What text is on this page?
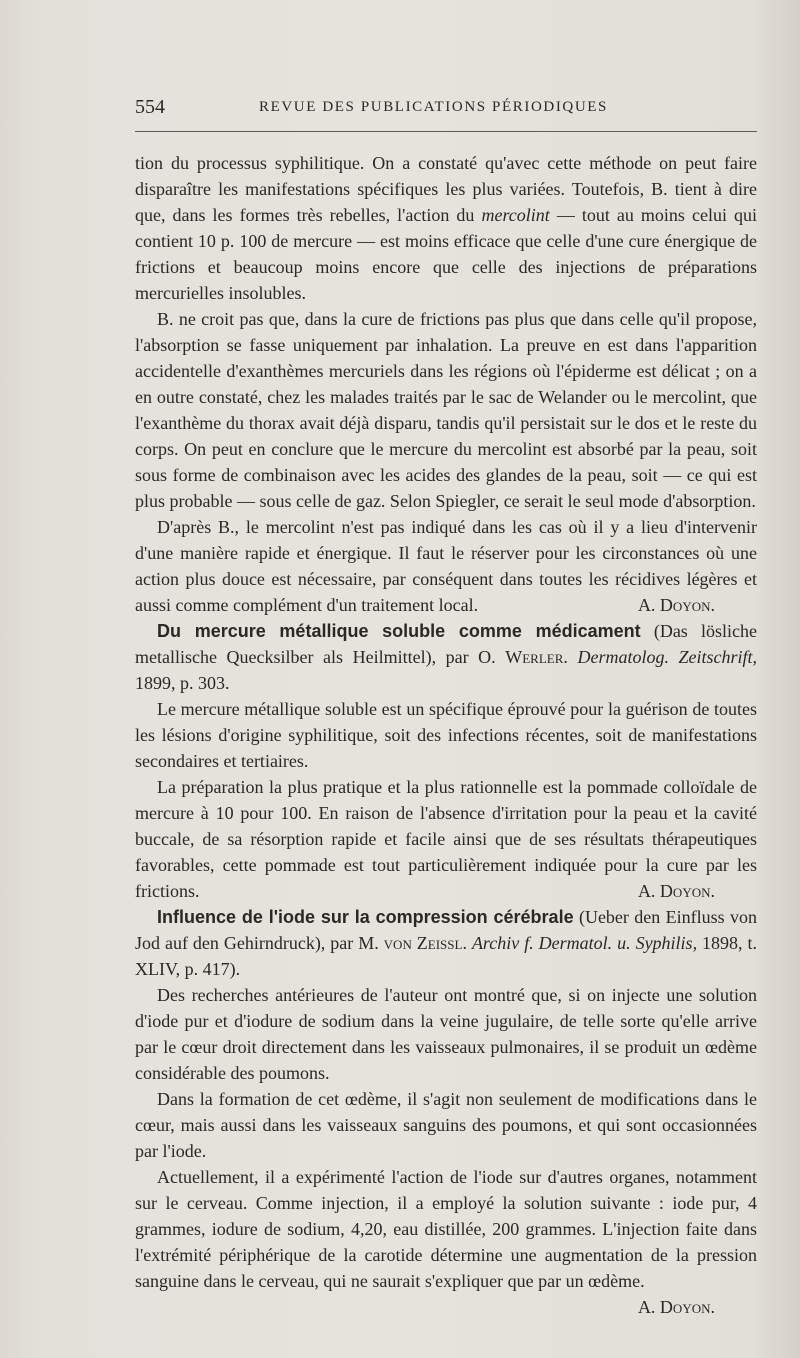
554	REVUE DES PUBLICATIONS PÉRIODIQUES

tion du processus syphilitique. On a constaté qu'avec cette méthode on peut faire disparaître les manifestations spécifiques les plus variées. Toutefois, B. tient à dire que, dans les formes très rebelles, l'action du mercolint — tout au moins celui qui contient 10 p. 100 de mercure — est moins efficace que celle d'une cure énergique de frictions et beaucoup moins encore que celle des injections de préparations mercurielles insolubles.

B. ne croit pas que, dans la cure de frictions pas plus que dans celle qu'il propose, l'absorption se fasse uniquement par inhalation. La preuve en est dans l'apparition accidentelle d'exanthèmes mercuriels dans les régions où l'épiderme est délicat ; on a en outre constaté, chez les malades traités par le sac de Welander ou le mercolint, que l'exanthème du thorax avait déjà disparu, tandis qu'il persistait sur le dos et le reste du corps. On peut en conclure que le mercure du mercolint est absorbé par la peau, soit sous forme de combinaison avec les acides des glandes de la peau, soit — ce qui est plus probable — sous celle de gaz. Selon Spiegler, ce serait le seul mode d'absorption.

D'après B., le mercolint n'est pas indiqué dans les cas où il y a lieu d'intervenir d'une manière rapide et énergique. Il faut le réserver pour les circonstances où une action plus douce est nécessaire, par conséquent dans toutes les récidives légères et aussi comme complément d'un traitement local.	A. Doyon.

Du mercure métallique soluble comme médicament (Das lösliche metallische Quecksilber als Heilmittel), par O. Werler. Dermatolog. Zeitschrift, 1899, p. 303.

Le mercure métallique soluble est un spécifique éprouvé pour la guérison de toutes les lésions d'origine syphilitique, soit des infections récentes, soit de manifestations secondaires et tertiaires.

La préparation la plus pratique et la plus rationnelle est la pommade colloïdale de mercure à 10 pour 100. En raison de l'absence d'irritation pour la peau et la cavité buccale, de sa résorption rapide et facile ainsi que de ses résultats thérapeutiques favorables, cette pommade est tout particulièrement indiquée pour la cure par les frictions.	A. Doyon.

Influence de l'iode sur la compression cérébrale (Ueber den Einfluss von Jod auf den Gehirndruck), par M. von Zeissl. Archiv f. Dermatol. u. Syphilis, 1898, t. XLIV, p. 417).

Des recherches antérieures de l'auteur ont montré que, si on injecte une solution d'iode pur et d'iodure de sodium dans la veine jugulaire, de telle sorte qu'elle arrive par le cœur droit directement dans les vaisseaux pulmonaires, il se produit un œdème considérable des poumons.

Dans la formation de cet œdème, il s'agit non seulement de modifications dans le cœur, mais aussi dans les vaisseaux sanguins des poumons, et qui sont occasionnées par l'iode.

Actuellement, il a expérimenté l'action de l'iode sur d'autres organes, notamment sur le cerveau. Comme injection, il a employé la solution suivante : iode pur, 4 grammes, iodure de sodium, 4,20, eau distillée, 200 grammes. L'injection faite dans l'extrémité périphérique de la carotide détermine une augmentation de la pression sanguine dans le cerveau, qui ne saurait s'expliquer que par un œdème.
A. Doyon.
